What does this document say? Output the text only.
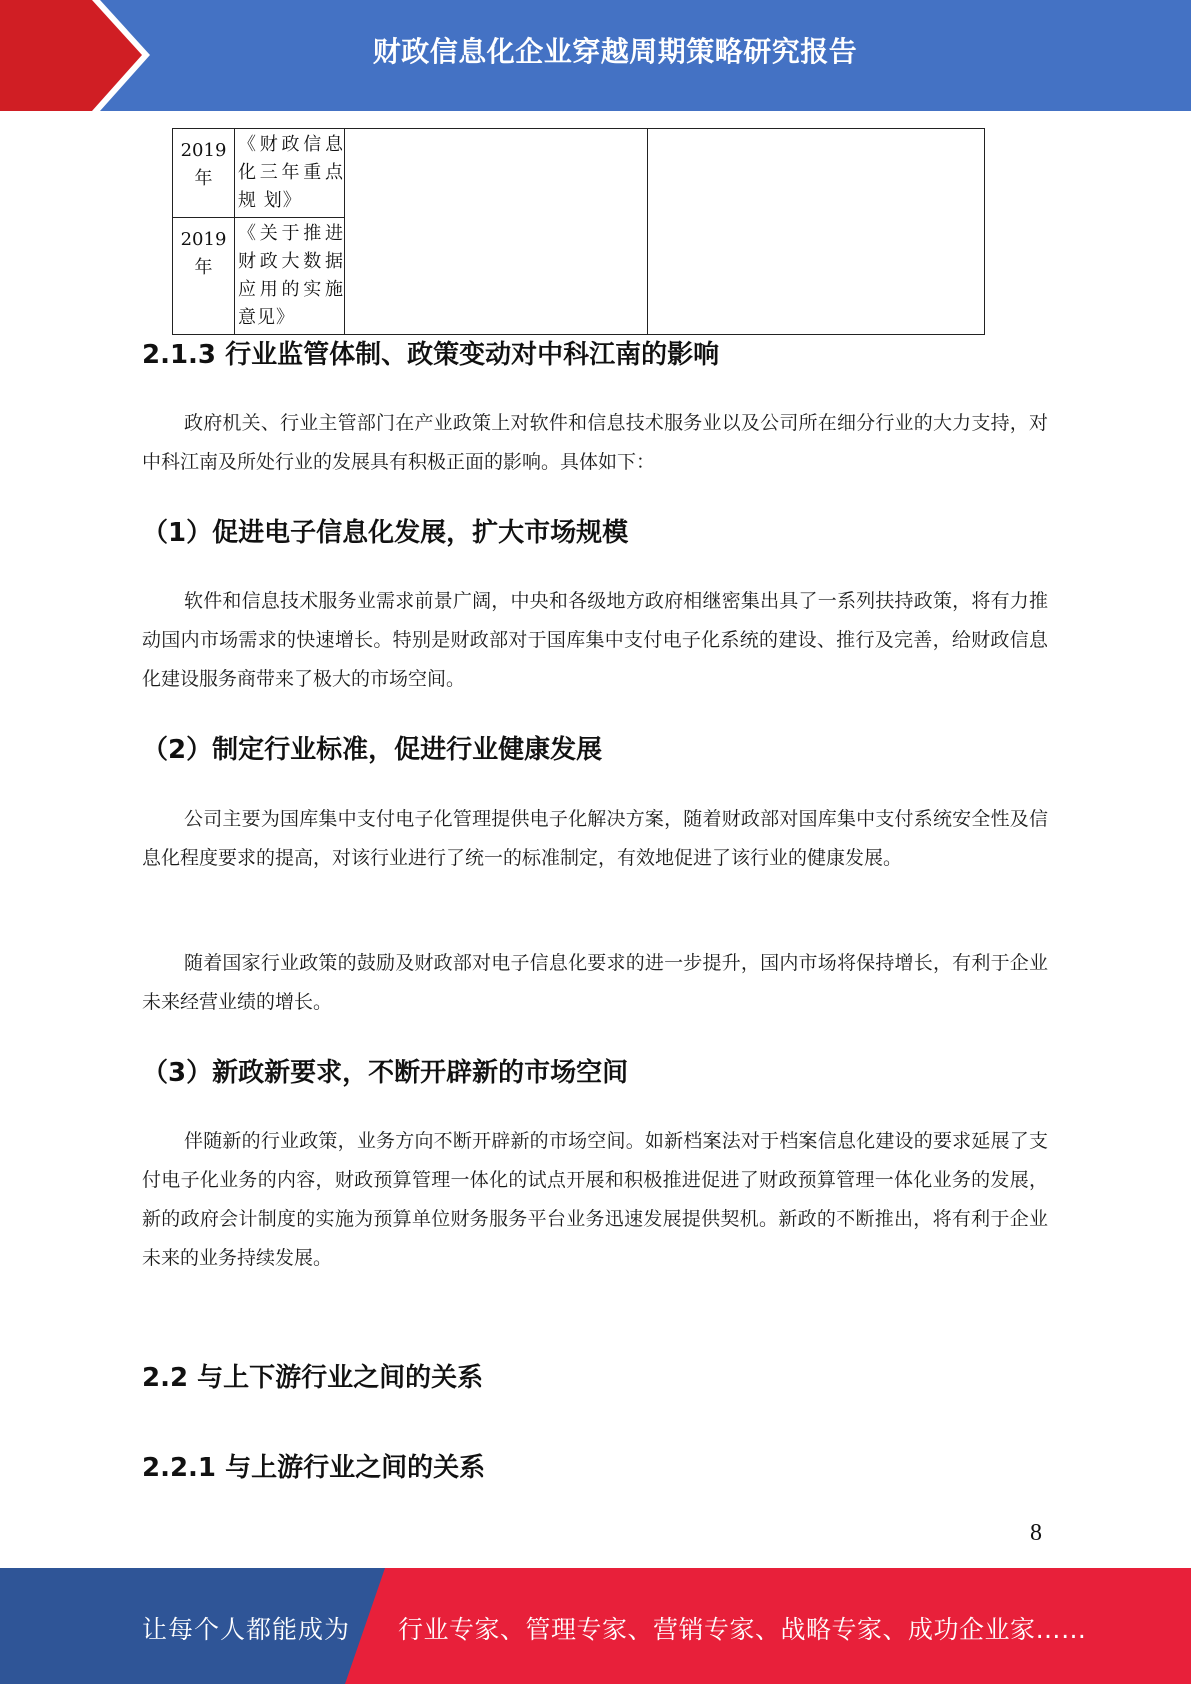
财政信息化企业穿越周期策略研究报告
2019 年	《财政信息化三年重点规 划》		
2019 年	《关于推进财政大数据应用的实施意见》		
2.1.3 行业监管体制、政策变动对中科江南的影响

政府机关、行业主管部门在产业政策上对软件和信息技术服务业以及公司所在细分行业的大力支持，对中科江南及所处行业的发展具有积极正面的影响。具体如下：

（1）促进电子信息化发展，扩大市场规模

软件和信息技术服务业需求前景广阔，中央和各级地方政府相继密集出具了一系列扶持政策，将有力推动国内市场需求的快速增长。特别是财政部对于国库集中支付电子化系统的建设、推行及完善，给财政信息化建设服务商带来了极大的市场空间。

（2）制定行业标准，促进行业健康发展

公司主要为国库集中支付电子化管理提供电子化解决方案，随着财政部对国库集中支付系统安全性及信息化程度要求的提高，对该行业进行了统一的标准制定，有效地促进了该行业的健康发展。

随着国家行业政策的鼓励及财政部对电子信息化要求的进一步提升，国内市场将保持增长，有利于企业未来经营业绩的增长。

（3）新政新要求，不断开辟新的市场空间

伴随新的行业政策，业务方向不断开辟新的市场空间。如新档案法对于档案信息化建设的要求延展了支付电子化业务的内容，财政预算管理一体化的试点开展和积极推进促进了财政预算管理一体化业务的发展，新的政府会计制度的实施为预算单位财务服务平台业务迅速发展提供契机。新政的不断推出，将有利于企业未来的业务持续发展。

2.2 与上下游行业之间的关系
2.2.1 与上游行业之间的关系
8
让每个人都能成为 行业专家、管理专家、营销专家、战略专家、成功企业家……
